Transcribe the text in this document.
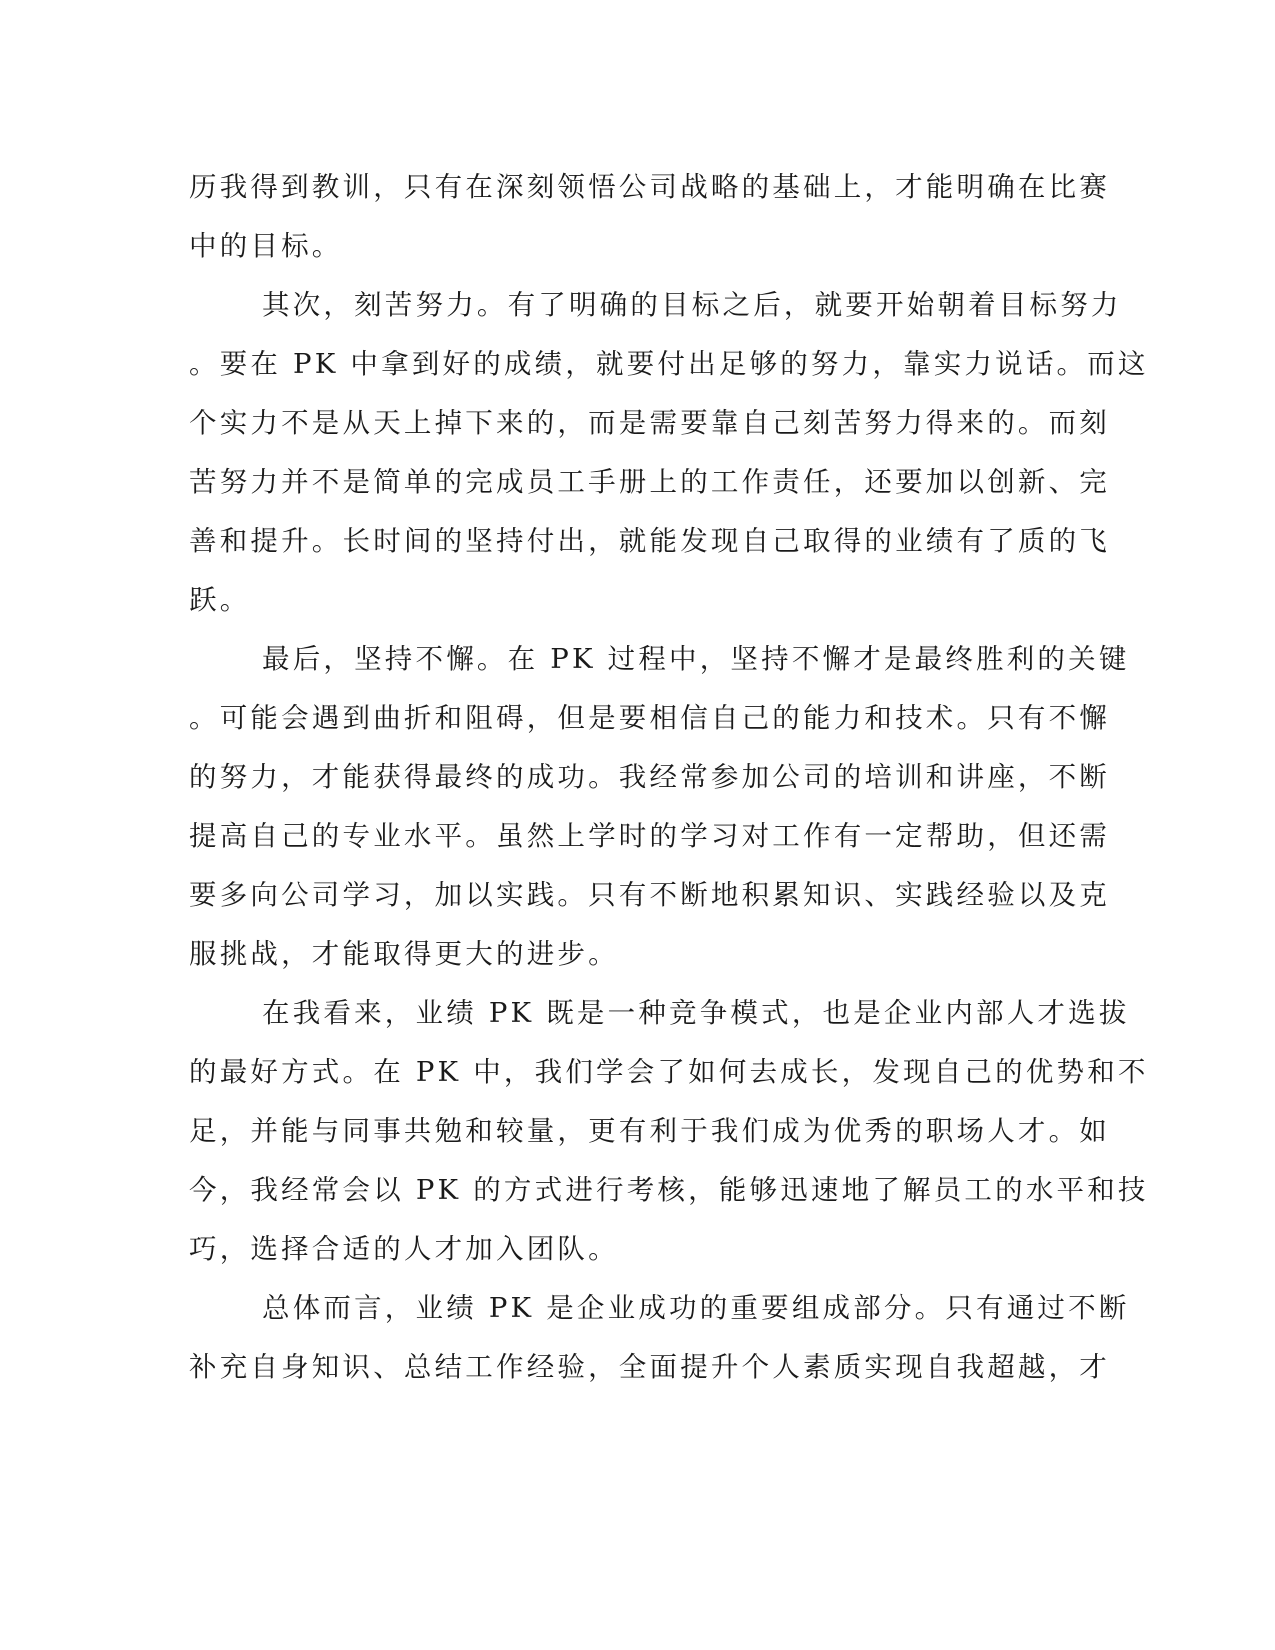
历我得到教训，只有在深刻领悟公司战略的基础上，才能明确在比赛
中的目标。
其次，刻苦努力。有了明确的目标之后，就要开始朝着目标努力
。要在 PK 中拿到好的成绩，就要付出足够的努力，靠实力说话。而这
个实力不是从天上掉下来的，而是需要靠自己刻苦努力得来的。而刻
苦努力并不是简单的完成员工手册上的工作责任，还要加以创新、完
善和提升。长时间的坚持付出，就能发现自己取得的业绩有了质的飞
跃。
最后，坚持不懈。在 PK 过程中，坚持不懈才是最终胜利的关键
。可能会遇到曲折和阻碍，但是要相信自己的能力和技术。只有不懈
的努力，才能获得最终的成功。我经常参加公司的培训和讲座，不断
提高自己的专业水平。虽然上学时的学习对工作有一定帮助，但还需
要多向公司学习，加以实践。只有不断地积累知识、实践经验以及克
服挑战，才能取得更大的进步。
在我看来，业绩 PK 既是一种竞争模式，也是企业内部人才选拔
的最好方式。在 PK 中，我们学会了如何去成长，发现自己的优势和不
足，并能与同事共勉和较量，更有利于我们成为优秀的职场人才。如
今，我经常会以 PK 的方式进行考核，能够迅速地了解员工的水平和技
巧，选择合适的人才加入团队。
总体而言，业绩 PK 是企业成功的重要组成部分。只有通过不断
补充自身知识、总结工作经验，全面提升个人素质实现自我超越，才
